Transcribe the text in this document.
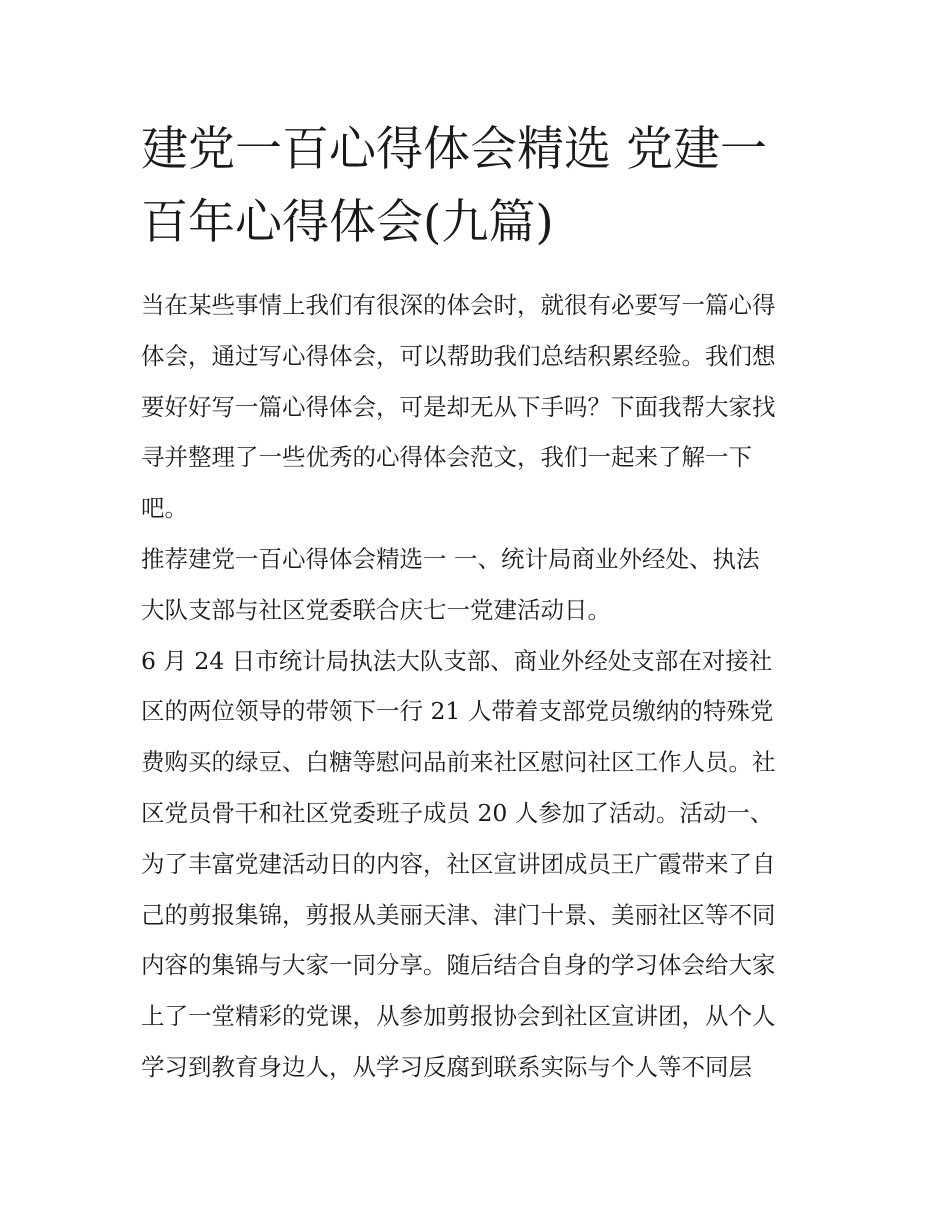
建党一百心得体会精选 党建一
百年心得体会(九篇)

当在某些事情上我们有很深的体会时，就很有必要写一篇心得
体会，通过写心得体会，可以帮助我们总结积累经验。我们想
要好好写一篇心得体会，可是却无从下手吗？下面我帮大家找
寻并整理了一些优秀的心得体会范文，我们一起来了解一下
吧。

推荐建党一百心得体会精选一 一、统计局商业外经处、执法
大队支部与社区党委联合庆七一党建活动日。

6 月 24 日市统计局执法大队支部、商业外经处支部在对接社
区的两位领导的带领下一行 21 人带着支部党员缴纳的特殊党
费购买的绿豆、白糖等慰问品前来社区慰问社区工作人员。社
区党员骨干和社区党委班子成员 20 人参加了活动。活动一、
为了丰富党建活动日的内容，社区宣讲团成员王广霞带来了自
己的剪报集锦，剪报从美丽天津、津门十景、美丽社区等不同
内容的集锦与大家一同分享。随后结合自身的学习体会给大家
上了一堂精彩的党课，从参加剪报协会到社区宣讲团，从个人
学习到教育身边人，从学习反腐到联系实际与个人等不同层
